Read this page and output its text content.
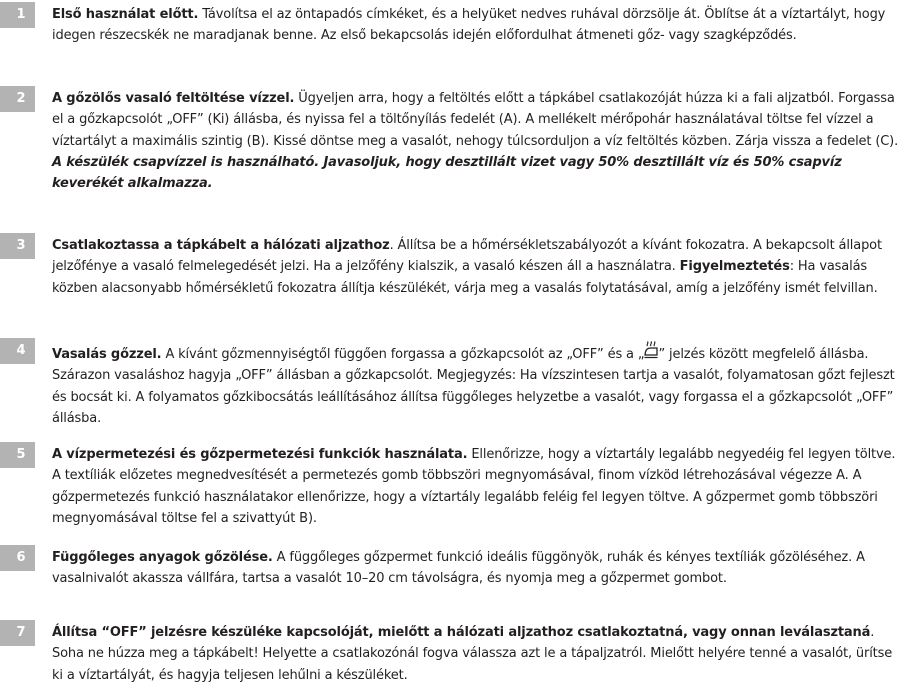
1	Első használat előtt. Távolítsa el az öntapadós címkéket, és a helyüket nedves ruhával dörzsölje át. Öblítse át a víztartályt, hogy idegen részecskék ne maradjanak benne. Az első bekapcsolás idején előfordulhat átmeneti gőz- vagy szagképződés.
2	A gőzölős vasaló feltöltése vízzel. Ügyeljen arra, hogy a feltöltés előtt a tápkábel csatlakozóját húzza ki a fali aljzatból. Forgassa el a gőzkapcsolót „OFF” (Ki) állásba, és nyissa fel a töltőnyílás fedelét (A). A mellékelt mérőpohár használatával töltse fel vízzel a víztartályt a maximális szintig (B). Kissé döntse meg a vasalót, nehogy túlcsorduljon a víz feltöltés közben. Zárja vissza a fedelet (C).
A készülék csapvízzel is használható. Javasoljuk, hogy desztillált vizet vagy 50% desztillált víz és 50% csapvíz keverékét alkalmazza.
3	Csatlakoztassa a tápkábelt a hálózati aljzathoz. Állítsa be a hőmérsékletszabályozót a kívánt fokozatra. A bekapcsolt állapot jelzőfénye a vasaló felmelegedését jelzi. Ha a jelzőfény kialszik, a vasaló készen áll a használatra. Figyelmeztetés: Ha vasalás közben alacsonyabb hőmérsékletű fokozatra állítja készülékét, várja meg a vasalás folytatásával, amíg a jelzőfény ismét felvillan.
4	Vasalás gőzzel. A kívánt gőzmennyiségtől függően forgassa a gőzkapcsolót az „OFF” és a „ ” jelzés között megfelelő állásba. Szárazon vasaláshoz hagyja „OFF” állásban a gőzkapcsolót. Megjegyzés: Ha vízszintesen tartja a vasalót, folyamatosan gőzt fejleszt és bocsát ki. A folyamatos gőzkibocsátás leállításához állítsa függőleges helyzetbe a vasalót, vagy forgassa el a gőzkapcsolót „OFF” állásba.
5	A vízpermetezési és gőzpermetezési funkciók használata. Ellenőrizze, hogy a víztartály legalább negyedéig fel legyen töltve. A textíliák előzetes megnedvesítését a permetezés gomb többszöri megnyomásával, finom vízköd létrehozásával végezze A. A gőzpermetezés funkció használatakor ellenőrizze, hogy a víztartály legalább feléig fel legyen töltve. A gőzpermet gomb többszöri megnyomásával töltse fel a szivattyút B).
6	Függőleges anyagok gőzölése. A függőleges gőzpermet funkció ideális függönyök, ruhák és kényes textíliák gőzöléséhez. A vasalnivalót akassza vállfára, tartsa a vasalót 10–20 cm távolságra, és nyomja meg a gőzpermet gombot.
7	Állítsa “OFF” jelzésre készüléke kapcsolóját, mielőtt a hálózati aljzathoz csatlakoztatná, vagy onnan leválasztaná. Soha ne húzza meg a tápkábelt! Helyette a csatlakozónál fogva válassza azt le a tápaljzatról. Mielőtt helyére tenné a vasalót, ürítse ki a víztartályát, és hagyja teljesen lehűlni a készüléket.
